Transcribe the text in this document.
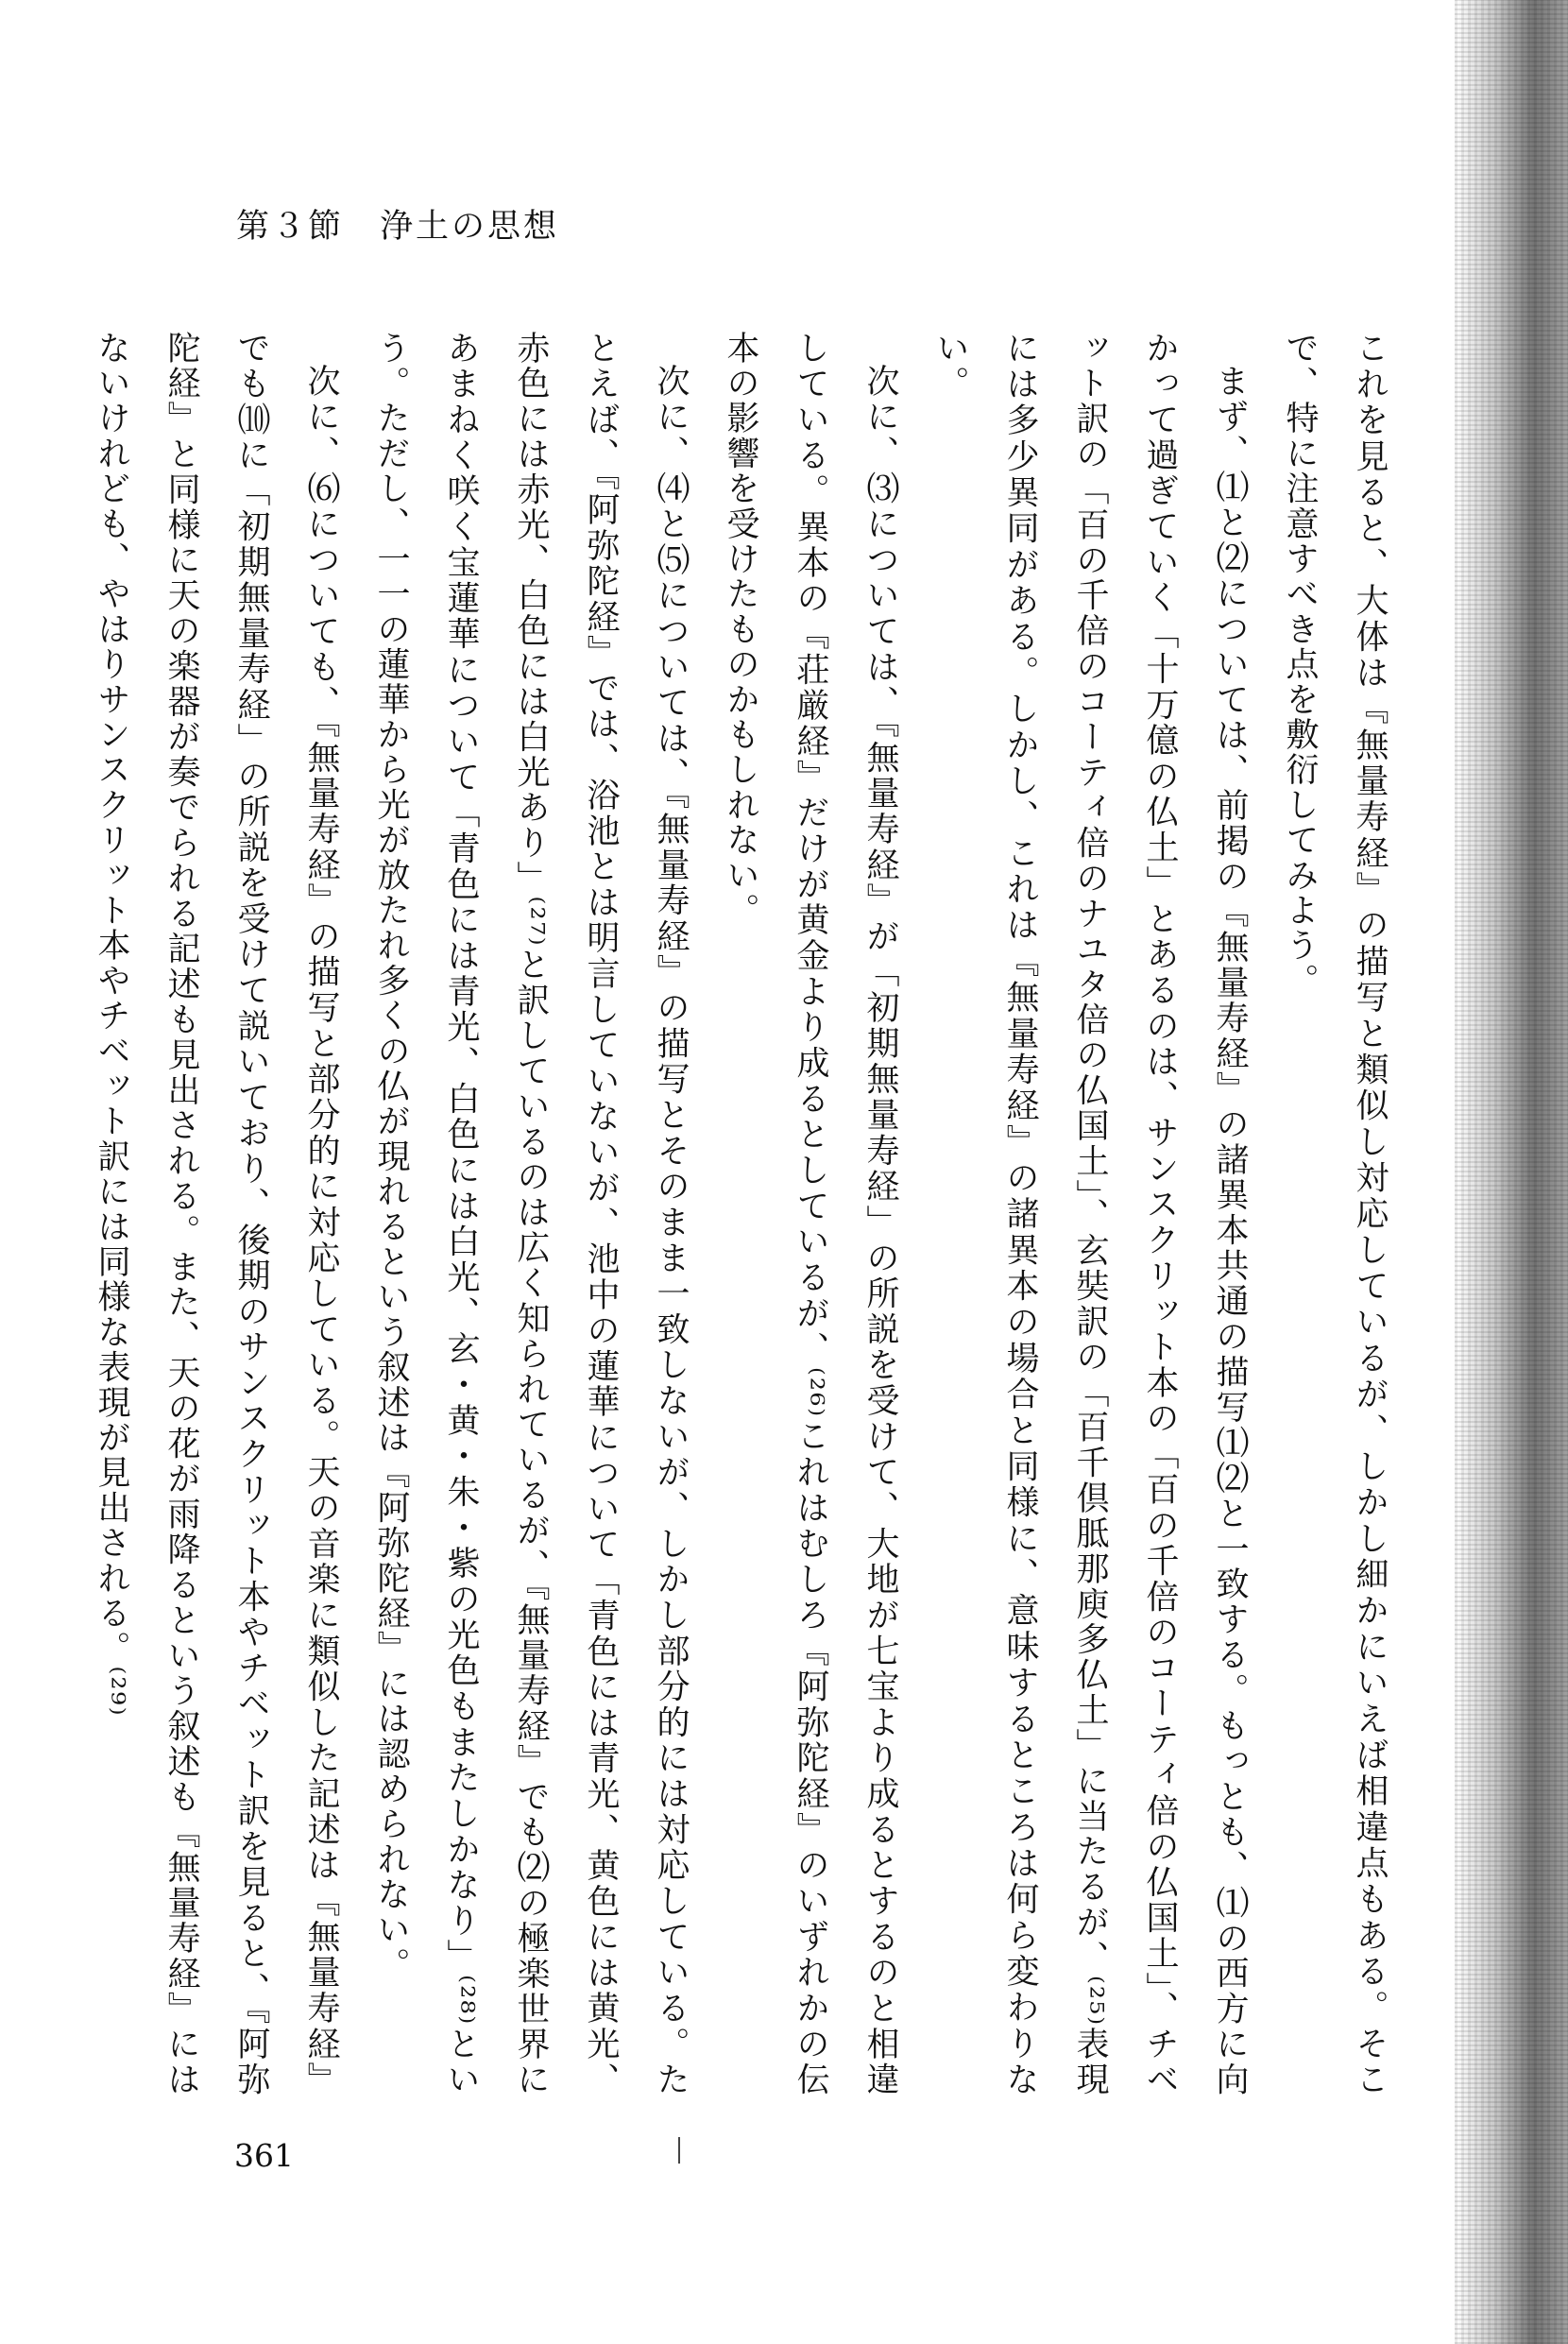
第３節　浄土の思想

これを見ると、大体は『無量寿経』の描写と類似し対応しているが、しかし細かにいえば相違点もある。そこで、特に注意すべき点を敷衍してみよう。

まず、⑴と⑵については、前掲の『無量寿経』の諸異本共通の描写⑴⑵と一致する。もっとも、⑴の西方に向かって過ぎていく「十万億の仏土」とあるのは、サンスクリット本の「百の千倍のコーティ倍の仏国土」、チベット訳の「百の千倍のコーティ倍のナユタ倍の仏国土」、玄奘訳の「百千倶胝那庾多仏土」に当たるが、⁽²⁵⁾表現には多少異同がある。しかし、これは『無量寿経』の諸異本の場合と同様に、意味するところは何ら変わりない。

次に、⑶については、『無量寿経』が「初期無量寿経」の所説を受けて、大地が七宝より成るとするのと相違している。異本の『荘厳経』だけが黄金より成るとしているが、⁽²⁶⁾これはむしろ『阿弥陀経』のいずれかの伝本の影響を受けたものかもしれない。

次に、⑷と⑸については、『無量寿経』の描写とそのまま一致しないが、しかし部分的には対応している。たとえば、『阿弥陀経』では、浴池とは明言していないが、池中の蓮華について「青色には青光、黄色には黄光、赤色には赤光、白色には白光あり」⁽²⁷⁾と訳しているのは広く知られているが、『無量寿経』でも⑵の極楽世界にあまねく咲く宝蓮華について「青色には青光、白色には白光、玄・黄・朱・紫の光色もまたしかなり」⁽²⁸⁾という。ただし、一一の蓮華から光が放たれ多くの仏が現れるという叙述は『阿弥陀経』には認められない。

次に、⑹についても、『無量寿経』の描写と部分的に対応している。天の音楽に類似した記述は『無量寿経』でも⑽に「初期無量寿経」の所説を受けて説いており、後期のサンスクリット本やチベット訳を見ると、『阿弥陀経』と同様に天の楽器が奏でられる記述も見出される。また、天の花が雨降るという叙述も『無量寿経』にはないけれども、やはりサンスクリット本やチベット訳には同様な表現が見出される。⁽²⁹⁾

361
